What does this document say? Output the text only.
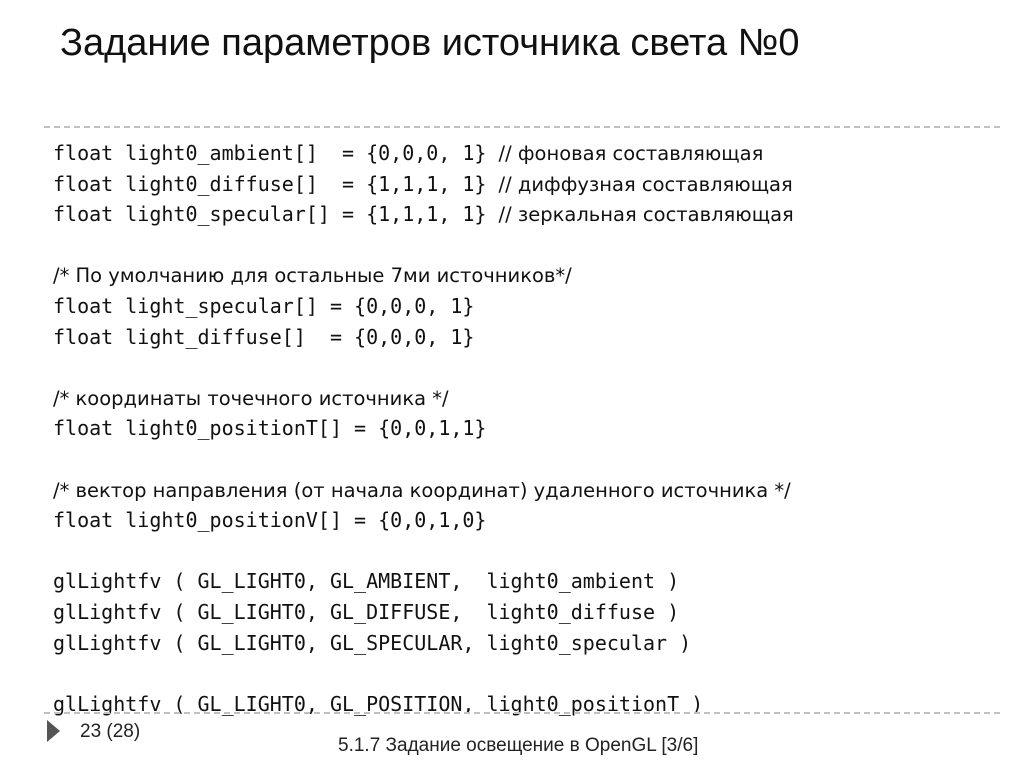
Задание параметров источника света №0
float light0_ambient[]  = {0,0,0, 1} // фоновая составляющая
float light0_diffuse[]  = {1,1,1, 1} // диффузная составляющая
float light0_specular[] = {1,1,1, 1} // зеркальная составляющая
/* По умолчанию для остальные 7ми источников*/
float light_specular[] = {0,0,0, 1}
float light_diffuse[]  = {0,0,0, 1}
/* координаты точечного источника */
float light0_positionT[] = {0,0,1,1}
/* вектор направления (от начала координат) удаленного источника */
float light0_positionV[] = {0,0,1,0}
glLightfv ( GL_LIGHT0, GL_AMBIENT,  light0_ambient )
glLightfv ( GL_LIGHT0, GL_DIFFUSE,  light0_diffuse )
glLightfv ( GL_LIGHT0, GL_SPECULAR, light0_specular )
glLightfv ( GL_LIGHT0, GL_POSITION, light0_positionT )
23 (28)
5.1.7 Задание освещение в OpenGL [3/6]
